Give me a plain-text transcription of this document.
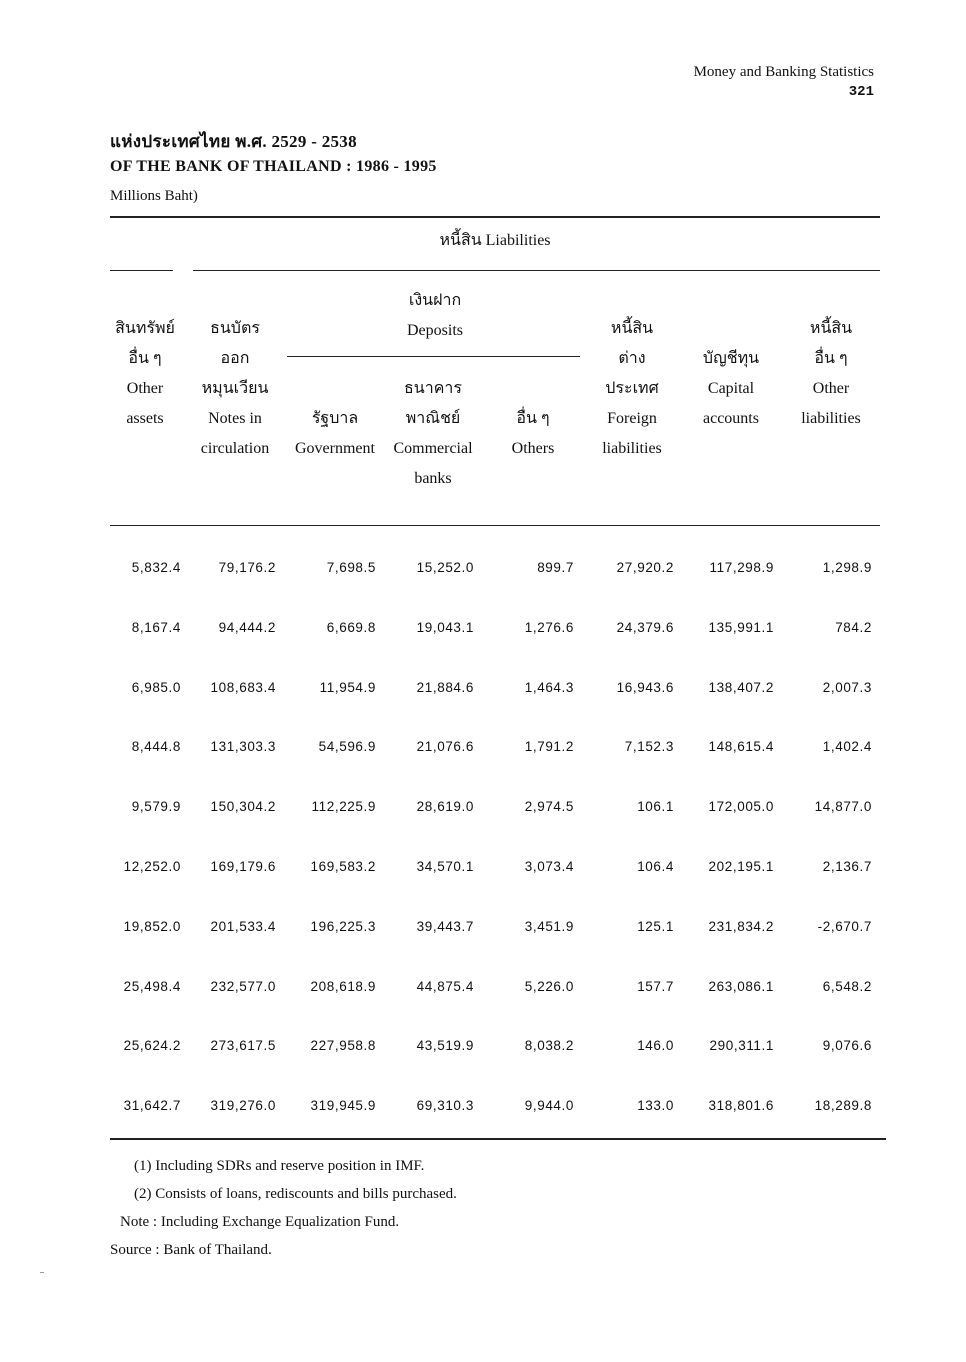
Money and Banking Statistics
321
แห่งประเทศไทย พ.ศ. 2529 - 2538
OF THE BANK OF THAILAND : 1986 - 1995
Millions Baht)
หนี้สิน Liabilities
เงินฝาก
Deposits
สินทรัพย์
อื่น ๆ
Other
assets
ธนบัตร
ออก
หมุนเวียน
Notes in
circulation
รัฐบาล
Government
ธนาคาร
พาณิชย์
Commercial
banks
อื่น ๆ
Others
หนี้สิน
ต่าง
ประเทศ
Foreign
liabilities
บัญชีทุน
Capital
accounts
หนี้สิน
อื่น ๆ
Other
liabilities
5,832.4	79,176.2	7,698.5	15,252.0	899.7	27,920.2	117,298.9	1,298.9
8,167.4	94,444.2	6,669.8	19,043.1	1,276.6	24,379.6	135,991.1	784.2
6,985.0 108,683.4	11,954.9	21,884.6	1,464.3	16,943.6	138,407.2	2,007.3
8,444.8 131,303.3	54,596.9	21,076.6	1,791.2	7,152.3	148,615.4	1,402.4
9,579.9 150,304.2	112,225.9	28,619.0	2,974.5	106.1	172,005.0	14,877.0
12,252.0 169,179.6	169,583.2	34,570.1	3,073.4	106.4	202,195.1	2,136.7
19,852.0 201,533.4	196,225.3	39,443.7	3,451.9	125.1	231,834.2	-2,670.7
25,498.4 232,577.0	208,618.9	44,875.4	5,226.0	157.7	263,086.1	6,548.2
25,624.2 273,617.5	227,958.8	43,519.9	8,038.2	146.0	290,311.1	9,076.6
31,642.7 319,276.0	319,945.9	69,310.3	9,944.0	133.0	318,801.6	18,289.8
(1) Including SDRs and reserve position in IMF.
(2) Consists of loans, rediscounts and bills purchased.
Note : Including Exchange Equalization Fund.
Source : Bank of Thailand.
